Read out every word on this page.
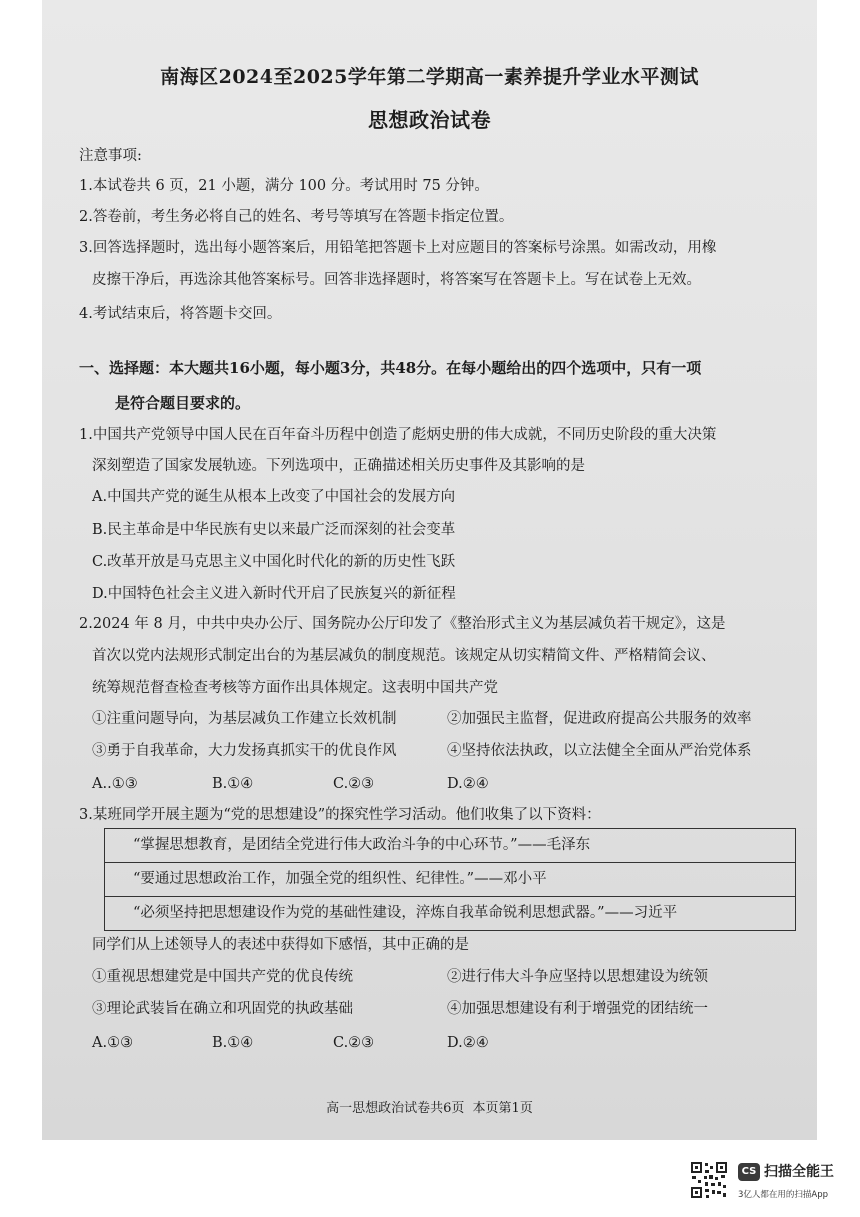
南海区2024至2025学年第二学期高一素养提升学业水平测试
思想政治试卷
注意事项:
1.本试卷共 6 页，21 小题，满分 100 分。考试用时 75 分钟。
2.答卷前，考生务必将自己的姓名、考号等填写在答题卡指定位置。
3.回答选择题时，选出每小题答案后，用铅笔把答题卡上对应题目的答案标号涂黑。如需改动，用橡
皮擦干净后，再选涂其他答案标号。回答非选择题时，将答案写在答题卡上。写在试卷上无效。
4.考试结束后，将答题卡交回。
一、选择题：本大题共16小题，每小题3分，共48分。在每小题给出的四个选项中，只有一项
是符合题目要求的。
1.中国共产党领导中国人民在百年奋斗历程中创造了彪炳史册的伟大成就，不同历史阶段的重大决策
深刻塑造了国家发展轨迹。下列选项中，正确描述相关历史事件及其影响的是
A.中国共产党的诞生从根本上改变了中国社会的发展方向
B.民主革命是中华民族有史以来最广泛而深刻的社会变革
C.改革开放是马克思主义中国化时代化的新的历史性飞跃
D.中国特色社会主义进入新时代开启了民族复兴的新征程
2.2024 年 8 月，中共中央办公厅、国务院办公厅印发了《整治形式主义为基层减负若干规定》，这是
首次以党内法规形式制定出台的为基层减负的制度规范。该规定从切实精简文件、严格精简会议、
统筹规范督查检查考核等方面作出具体规定。这表明中国共产党
①注重问题导向，为基层减负工作建立长效机制	②加强民主监督，促进政府提高公共服务的效率
③勇于自我革命，大力发扬真抓实干的优良作风	④坚持依法执政，以立法健全全面从严治党体系
A..①③	B.①④	C.②③	D.②④
3.某班同学开展主题为“党的思想建设”的探究性学习活动。他们收集了以下资料：
“掌握思想教育，是团结全党进行伟大政治斗争的中心环节。”——毛泽东
“要通过思想政治工作，加强全党的组织性、纪律性。”——邓小平
“必须坚持把思想建设作为党的基础性建设，淬炼自我革命锐利思想武器。”——习近平
同学们从上述领导人的表述中获得如下感悟，其中正确的是
①重视思想建党是中国共产党的优良传统	②进行伟大斗争应坚持以思想建设为统领
③理论武装旨在确立和巩固党的执政基础	④加强思想建设有利于增强党的团结统一
A.①③	B.①④	C.②③	D.②④
高一思想政治试卷共6页 本页第1页
CS 扫描全能王
3亿人都在用的扫描App
